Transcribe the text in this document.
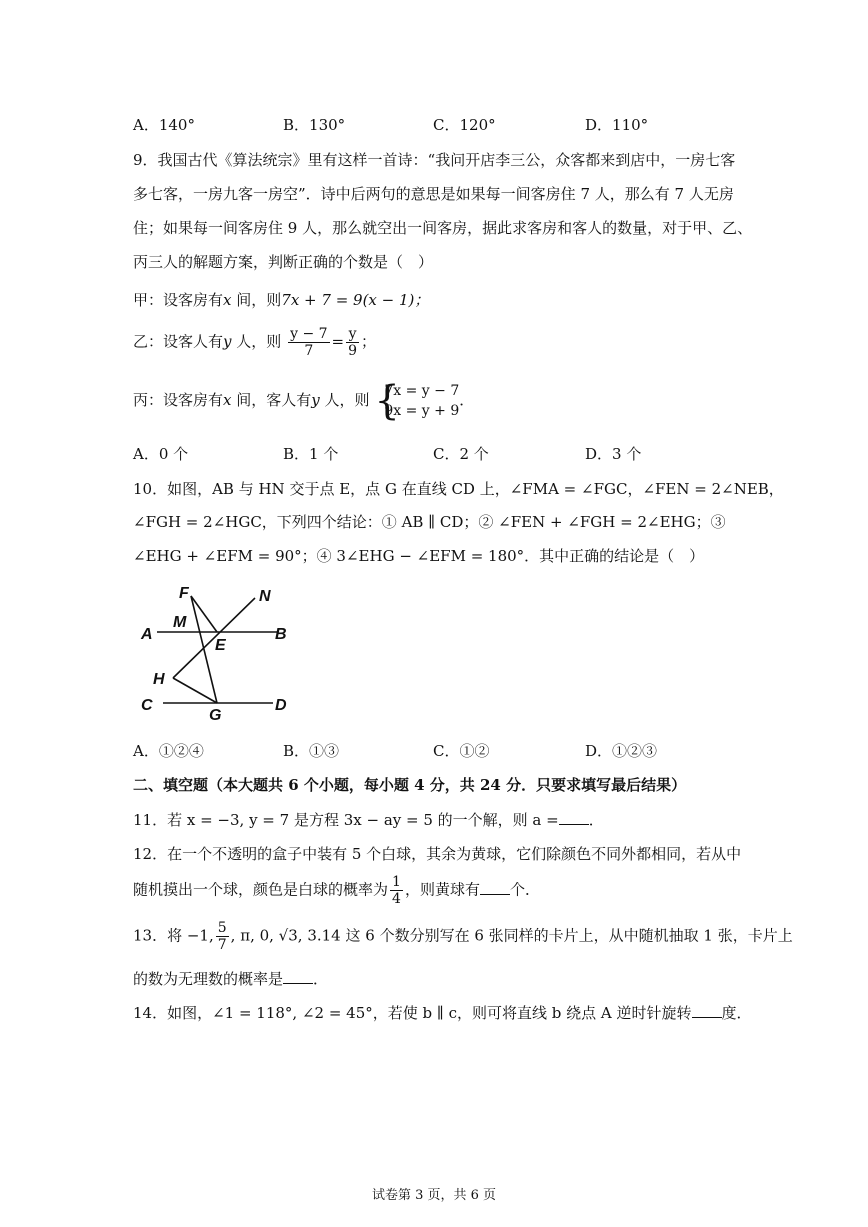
A．140°	B．130°	C．120°	D．110°
9．我国古代《算法统宗》里有这样一首诗：“我问开店李三公，众客都来到店中，一房七客
多七客，一房九客一房空”．诗中后两句的意思是如果每一间客房住 7 人，那么有 7 人无房
住；如果每一间客房住 9 人，那么就空出一间客房，据此求客房和客人的数量，对于甲、乙、
丙三人的解题方案，判断正确的个数是（　）
甲：设客房有x 间，则7x + 7 = 9(x − 1)；
乙：设客人有y 人，则 $\frac{y - 7}{7} = \frac{y}{9}$ ；
丙：设客房有x 间，客人有y 人，则 {
7x = y − 7
9x = y + 9
．
A．0 个	B．1 个	C．2 个	D．3 个
10．如图，AB 与 HN 交于点 E，点 G 在直线 CD 上，∠FMA = ∠FGC，∠FEN = 2∠NEB，
∠FGH = 2∠HGC，下列四个结论：① AB ∥ CD；② ∠FEN + ∠FGH = 2∠EHG；③
∠EHG + ∠EFM = 90°；④ 3∠EHG − ∠EFM = 180°．其中正确的结论是（　）
F	N
A
M
E
B
H
C
G
D
A．①②④	B．①③	C．①②	D．①②③
二、填空题（本大题共 6 个小题，每小题 4 分，共 24 分．只要求填写最后结果）
11．若 x = −3, y = 7 是方程 3x − ay = 5 的一个解，则 a = ．
12．在一个不透明的盒子中装有 5 个白球，其余为黄球，它们除颜色不同外都相同，若从中
随机摸出一个球，颜色是白球的概率为 $\frac{1}{4}$ ，则黄球有 个．
13．将 −1, $\frac{5}{7}$ , π, 0, √3, 3.14 这 6 个数分别写在 6 张同样的卡片上，从中随机抽取 1 张，卡片上
的数为无理数的概率是 ．
14．如图，∠1 = 118°, ∠2 = 45°，若使 b ∥ c，则可将直线 b 绕点 A 逆时针旋转 度．
试卷第 3 页，共 6 页
